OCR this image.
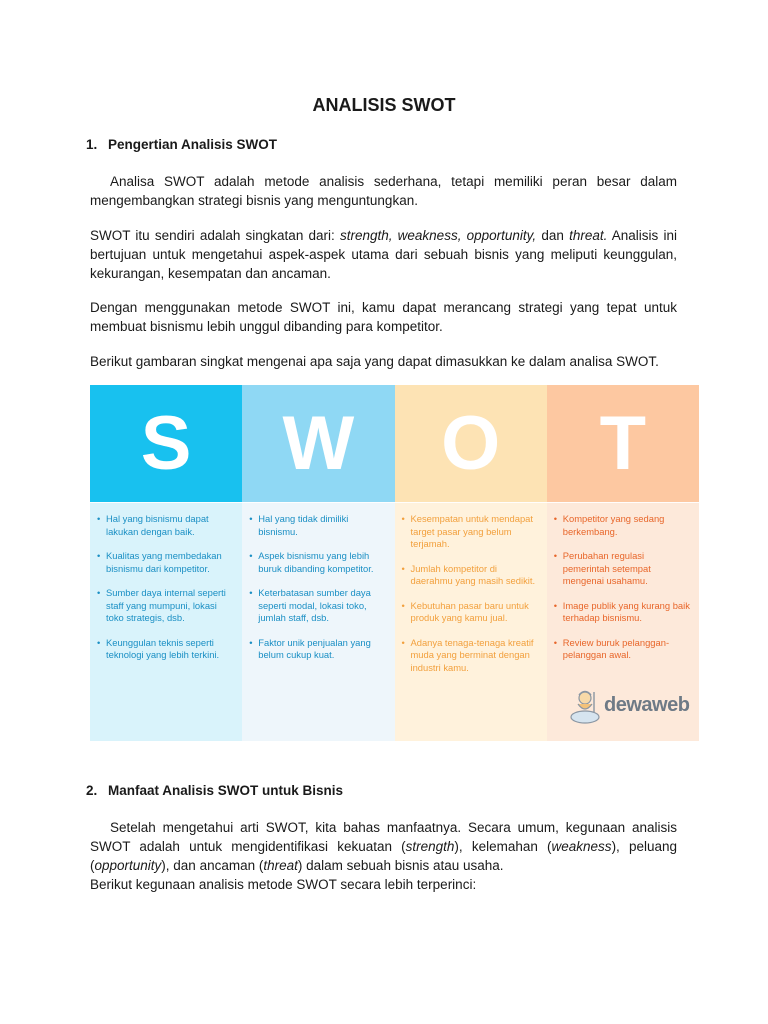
ANALISIS SWOT
1. Pengertian Analisis SWOT
Analisa SWOT adalah metode analisis sederhana, tetapi memiliki peran besar dalam mengembangkan strategi bisnis yang menguntungkan.
SWOT itu sendiri adalah singkatan dari: strength, weakness, opportunity, dan threat. Analisis ini bertujuan untuk mengetahui aspek-aspek utama dari sebuah bisnis yang meliputi keunggulan, kekurangan, kesempatan dan ancaman.
Dengan menggunakan metode SWOT ini, kamu dapat merancang strategi yang tepat untuk membuat bisnismu lebih unggul dibanding para kompetitor.
Berikut gambaran singkat mengenai apa saja yang dapat dimasukkan ke dalam analisa SWOT.
S
• Hal yang bisnismu dapat lakukan dengan baik.
• Kualitas yang membedakan bisnismu dari kompetitor.
• Sumber daya internal seperti staff yang mumpuni, lokasi toko strategis, dsb.
• Keunggulan teknis seperti teknologi yang lebih terkini.
W
• Hal yang tidak dimiliki bisnismu.
• Aspek bisnismu yang lebih buruk dibanding kompetitor.
• Keterbatasan sumber daya seperti modal, lokasi toko, jumlah staff, dsb.
• Faktor unik penjualan yang belum cukup kuat.
O
• Kesempatan untuk mendapat target pasar yang belum terjamah.
• Jumlah kompetitor di daerahmu yang masih sedikit.
• Kebutuhan pasar baru untuk produk yang kamu jual.
• Adanya tenaga-tenaga kreatif muda yang berminat dengan industri kamu.
T
• Kompetitor yang sedang berkembang.
• Perubahan regulasi pemerintah setempat mengenai usahamu.
• Image publik yang kurang baik terhadap bisnismu.
• Review buruk pelanggan-pelanggan awal.
dewaweb
2. Manfaat Analisis SWOT untuk Bisnis
Setelah mengetahui arti SWOT, kita bahas manfaatnya. Secara umum, kegunaan analisis SWOT adalah untuk mengidentifikasi kekuatan (strength), kelemahan (weakness), peluang (opportunity), dan ancaman (threat) dalam sebuah bisnis atau usaha.
Berikut kegunaan analisis metode SWOT secara lebih terperinci:
